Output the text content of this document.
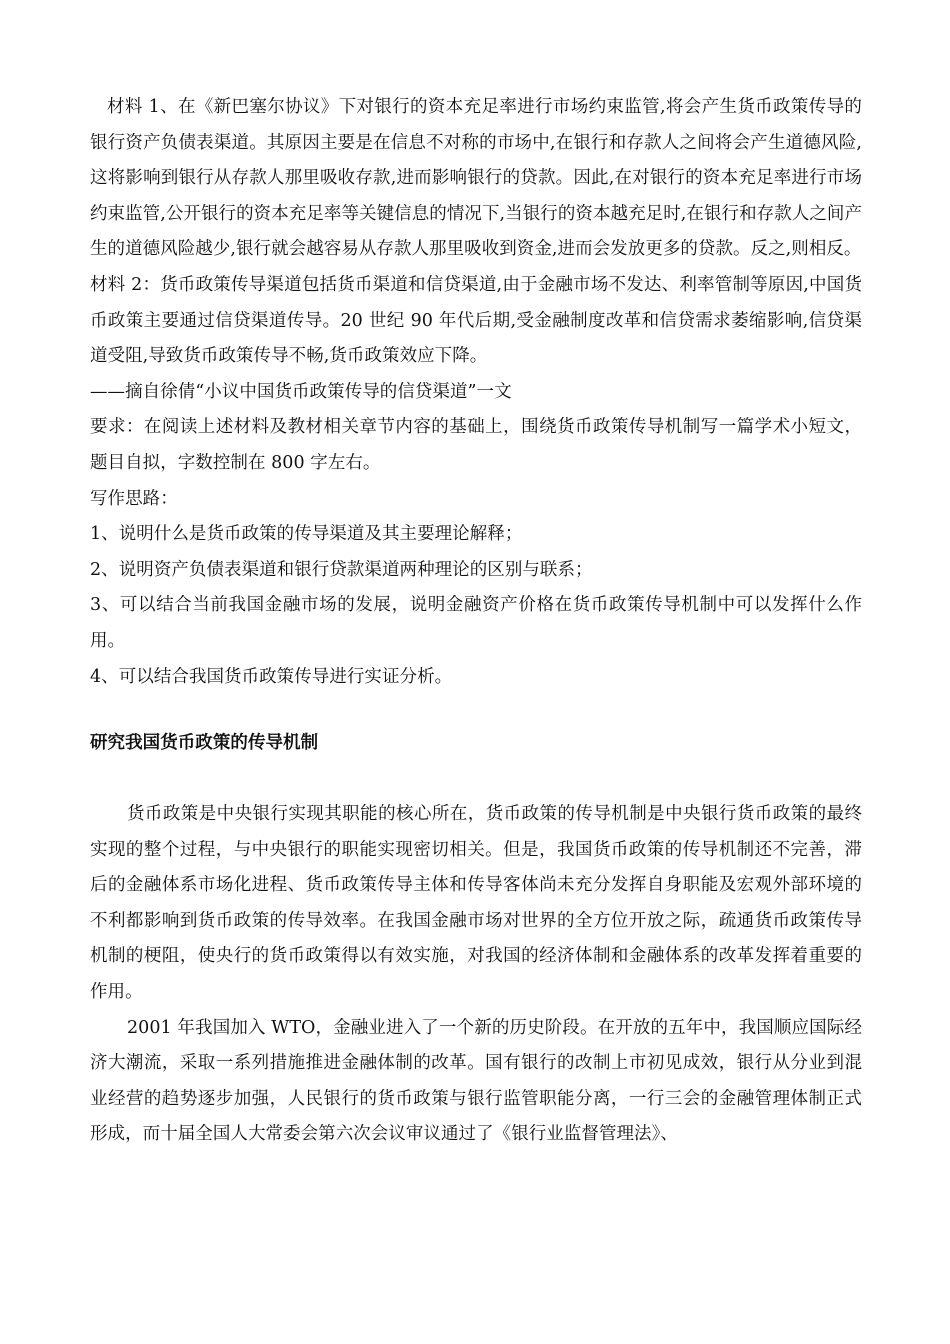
材料 1、在《新巴塞尔协议》下对银行的资本充足率进行市场约束监管,将会产生货币政策传导的银行资产负债表渠道。其原因主要是在信息不对称的市场中,在银行和存款人之间将会产生道德风险,这将影响到银行从存款人那里吸收存款,进而影响银行的贷款。因此,在对银行的资本充足率进行市场约束监管,公开银行的资本充足率等关键信息的情况下,当银行的资本越充足时,在银行和存款人之间产生的道德风险越少,银行就会越容易从存款人那里吸收到资金,进而会发放更多的贷款。反之,则相反。

材料 2：货币政策传导渠道包括货币渠道和信贷渠道,由于金融市场不发达、利率管制等原因,中国货币政策主要通过信贷渠道传导。20 世纪 90 年代后期,受金融制度改革和信贷需求萎缩影响,信贷渠道受阻,导致货币政策传导不畅,货币政策效应下降。

——摘自徐倩“小议中国货币政策传导的信贷渠道”一文

要求：在阅读上述材料及教材相关章节内容的基础上，围绕货币政策传导机制写一篇学术小短文，题目自拟，字数控制在 800 字左右。

写作思路：

1、说明什么是货币政策的传导渠道及其主要理论解释；

2、说明资产负债表渠道和银行贷款渠道两种理论的区别与联系；

3、可以结合当前我国金融市场的发展，说明金融资产价格在货币政策传导机制中可以发挥什么作用。

4、可以结合我国货币政策传导进行实证分析。

研究我国货币政策的传导机制

货币政策是中央银行实现其职能的核心所在，货币政策的传导机制是中央银行货币政策的最终实现的整个过程，与中央银行的职能实现密切相关。但是，我国货币政策的传导机制还不完善，滞后的金融体系市场化进程、货币政策传导主体和传导客体尚未充分发挥自身职能及宏观外部环境的不利都影响到货币政策的传导效率。在我国金融市场对世界的全方位开放之际，疏通货币政策传导机制的梗阻，使央行的货币政策得以有效实施，对我国的经济体制和金融体系的改革发挥着重要的作用。

2001 年我国加入 WTO，金融业进入了一个新的历史阶段。在开放的五年中，我国顺应国际经济大潮流，采取一系列措施推进金融体制的改革。国有银行的改制上市初见成效，银行从分业到混业经营的趋势逐步加强，人民银行的货币政策与银行监管职能分离，一行三会的金融管理体制正式形成，而十届全国人大常委会第六次会议审议通过了《银行业监督管理法》、
